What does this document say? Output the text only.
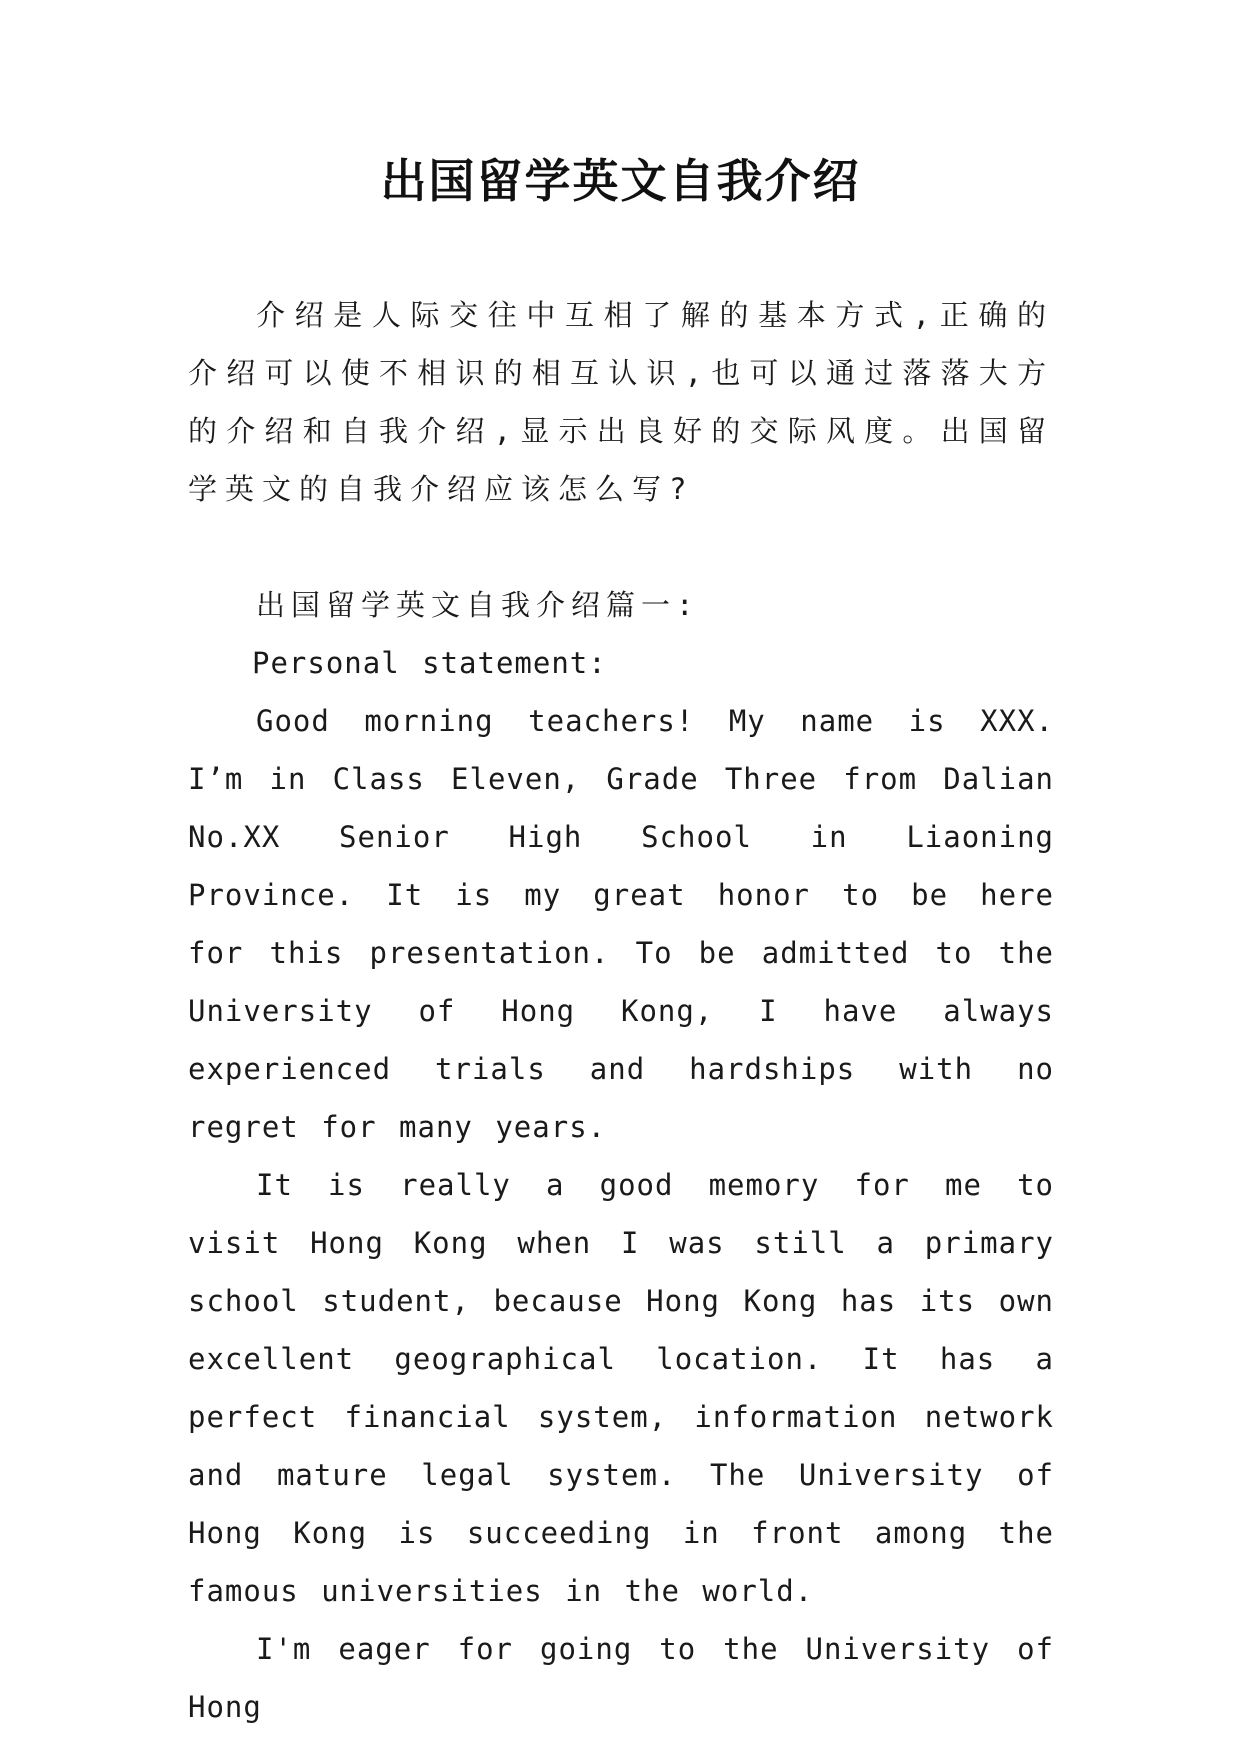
出国留学英文自我介绍

介绍是人际交往中互相了解的基本方式,正确的介绍可以使不相识的相互认识,也可以通过落落大方的介绍和自我介绍,显示出良好的交际风度。出国留学英文的自我介绍应该怎么写?

出国留学英文自我介绍篇一:

Personal statement:

Good morning teachers! My name is XXX. I’m in Class Eleven, Grade Three from Dalian No.XX Senior High School in Liaoning Province. It is my great honor to be here for this presentation. To be admitted to the University of Hong Kong, I have always experienced trials and hardships with no regret for many years.

It is really a good memory for me to visit Hong Kong when I was still a primary school student, because Hong Kong has its own excellent geographical location. It has a perfect financial system, information network and mature legal system. The University of Hong Kong is succeeding in front among the famous universities in the world.

I'm eager for going to the University of Hong
